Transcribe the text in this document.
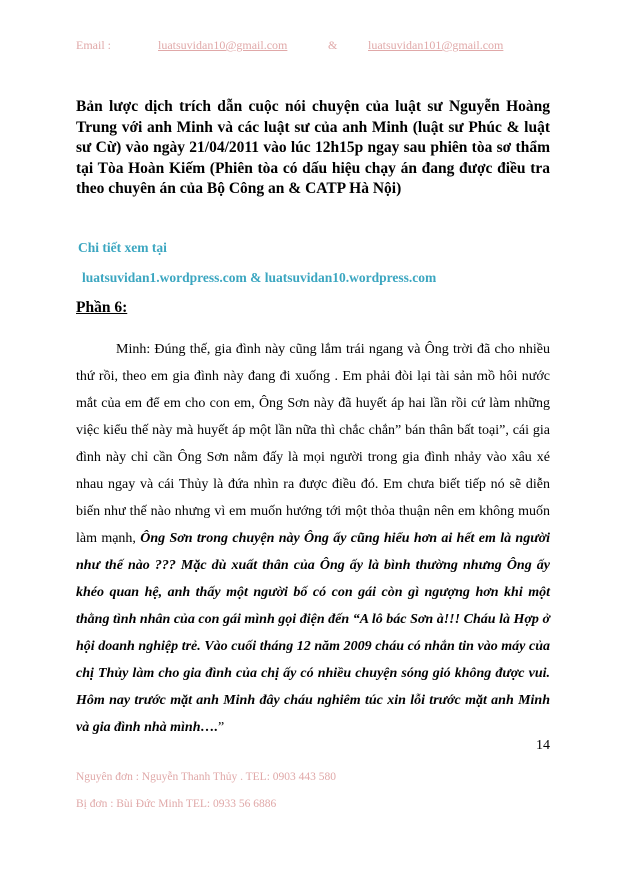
Email :	luatsuvidan10@gmail.com	&	luatsuvidan101@gmail.com
Bản lược dịch trích dẫn cuộc nói chuyện của luật sư Nguyễn Hoàng Trung với anh Minh và các luật sư của anh Minh (luật sư Phúc & luật sư Cừ) vào ngày 21/04/2011 vào lúc 12h15p ngay sau phiên tòa sơ thẩm tại Tòa Hoàn Kiếm (Phiên tòa có dấu hiệu chạy án đang được điều tra theo chuyên án của Bộ Công an & CATP Hà Nội)
Chi tiết xem tại
luatsuvidan1.wordpress.com & luatsuvidan10.wordpress.com
Phần 6:

Minh: Đúng thế, gia đình này cũng lắm trái ngang và Ông trời đã cho nhiều thứ rồi, theo em gia đình này đang đi xuống . Em phải đòi lại tài sản mồ hôi nước mắt của em để em cho con em, Ông Sơn này đã huyết áp hai lần rồi cứ làm những việc kiểu thế này mà huyết áp một lần nữa thì chắc chắn” bán thân bất toại”, cái gia đình này chỉ cần Ông Sơn nằm đấy là mọi người trong gia đình nhảy vào xâu xé nhau ngay và cái Thủy là đứa nhìn ra được điều đó. Em chưa biết tiếp nó sẽ diễn biến như thế nào nhưng vì em muốn hướng tới một thỏa thuận nên em không muốn làm mạnh, Ông Sơn trong chuyện này Ông ấy cũng hiểu hơn ai hết em là người như thế nào ??? Mặc dù xuất thân của Ông ấy là bình thường nhưng Ông ấy khéo quan hệ, anh thấy một người bố có con gái còn gì ngượng hơn khi một thằng tình nhân của con gái mình gọi điện đến “A lô bác Sơn à!!! Cháu là Hợp ở hội doanh nghiệp trẻ. Vào cuối tháng 12 năm 2009 cháu có nhắn tin vào máy của chị Thủy làm cho gia đình của chị ấy có nhiều chuyện sóng gió không được vui. Hôm nay trước mặt anh Minh đây cháu nghiêm túc xin lỗi trước mặt anh Minh và gia đình nhà mình….”

14
Nguyên đơn : Nguyễn Thanh Thủy . TEL: 0903 443 580
Bị đơn : Bùi Đức Minh TEL: 0933 56 6886
